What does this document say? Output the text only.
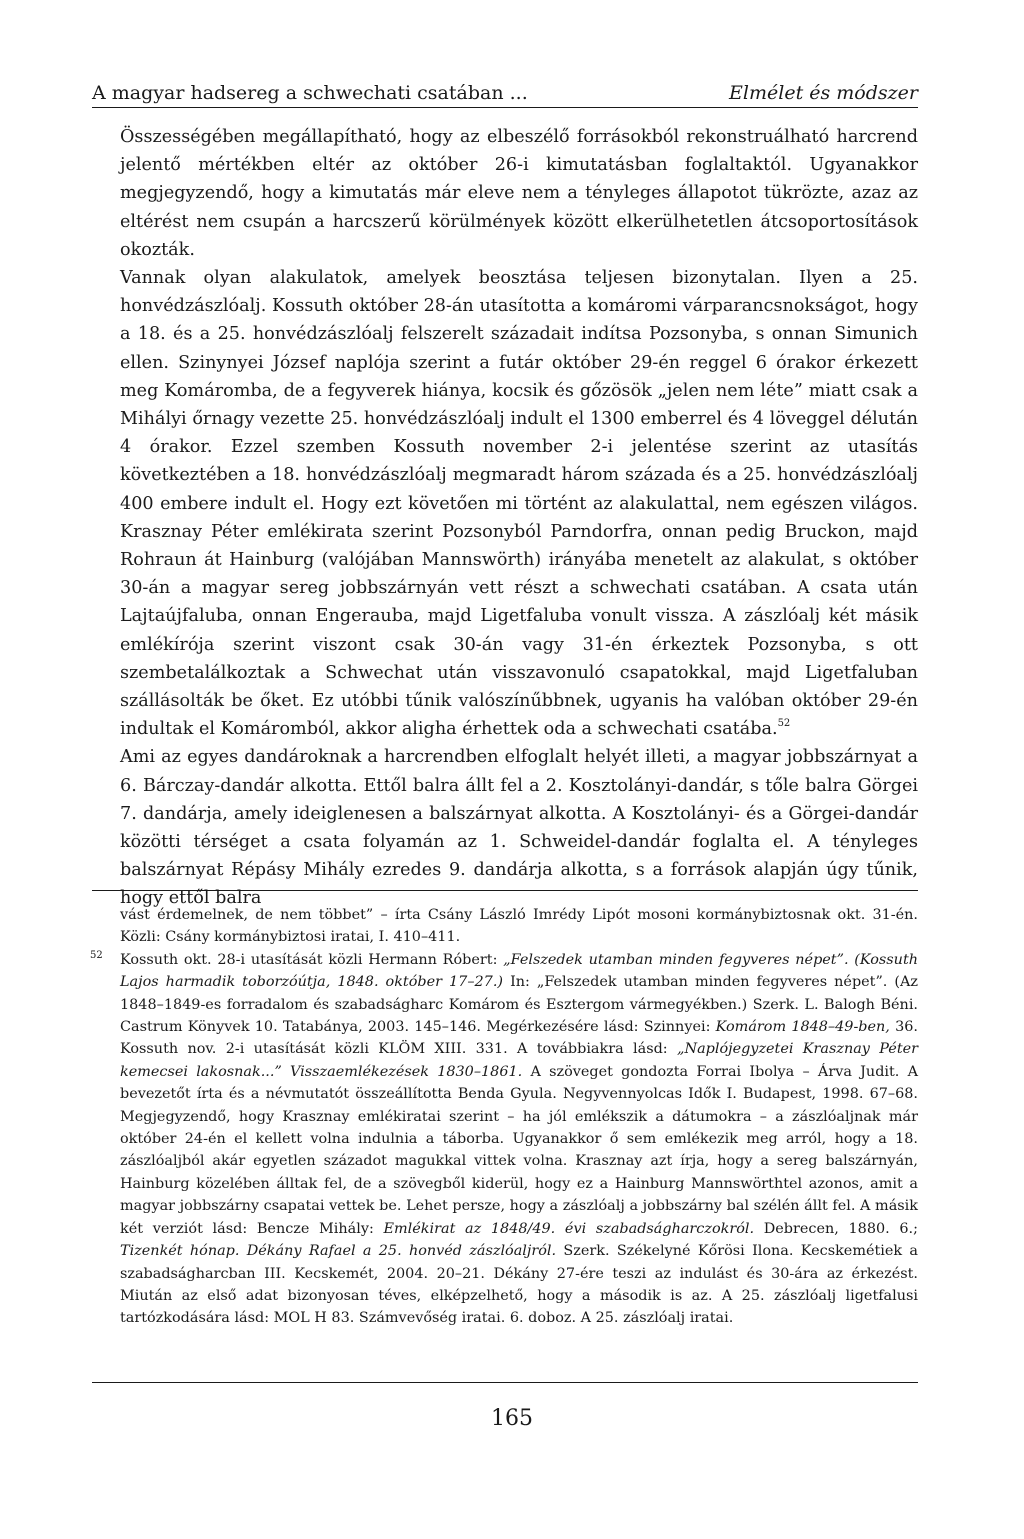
A magyar hadsereg a schwechati csatában ...	Elmélet és módszer

Összességében megállapítható, hogy az elbeszélő forrásokból rekonstruálható harcrend jelentő mértékben eltér az október 26-i kimutatásban foglaltaktól. Ugyanakkor megjegyzendő, hogy a kimutatás már eleve nem a tényleges állapotot tükrözte, azaz az eltérést nem csupán a harcszerű körülmények között elkerülhetetlen átcsoportosítások okozták.

Vannak olyan alakulatok, amelyek beosztása teljesen bizonytalan. Ilyen a 25. honvédzászlóalj. Kossuth október 28-án utasította a komáromi várparancsnokságot, hogy a 18. és a 25. honvédzászlóalj felszerelt századait indítsa Pozsonyba, s onnan Simunich ellen. Szinynyei József naplója szerint a futár október 29-én reggel 6 órakor érkezett meg Komáromba, de a fegyverek hiánya, kocsik és gőzösök „jelen nem léte” miatt csak a Mihályi őrnagy vezette 25. honvédzászlóalj indult el 1300 emberrel és 4 löveggel délután 4 órakor. Ezzel szemben Kossuth november 2-i jelentése szerint az utasítás következtében a 18. honvédzászlóalj megmaradt három százada és a 25. honvédzászlóalj 400 embere indult el. Hogy ezt követően mi történt az alakulattal, nem egészen világos. Krasznay Péter emlékirata szerint Pozsonyból Parndorfra, onnan pedig Bruckon, majd Rohraun át Hainburg (valójában Mannswörth) irányába menetelt az alakulat, s október 30-án a magyar sereg jobbszárnyán vett részt a schwechati csatában. A csata után Lajtaújfaluba, onnan Engerauba, majd Ligetfaluba vonult vissza. A zászlóalj két másik emlékírója szerint viszont csak 30-án vagy 31-én érkeztek Pozsonyba, s ott szembetalálkoztak a Schwechat után visszavonuló csapatokkal, majd Ligetfaluban szállásolták be őket. Ez utóbbi tűnik valószínűbbnek, ugyanis ha valóban október 29-én indultak el Komáromból, akkor aligha érhettek oda a schwechati csatába.$^{52}$

Ami az egyes dandároknak a harcrendben elfoglalt helyét illeti, a magyar jobbszárnyat a 6. Bárczay-dandár alkotta. Ettől balra állt fel a 2. Kosztolányi-dandár, s tőle balra Görgei 7. dandárja, amely ideiglenesen a balszárnyat alkotta. A Kosztolányi- és a Görgei-dandár közötti térséget a csata folyamán az 1. Schweidel-dandár foglalta el. A tényleges balszárnyat Répásy Mihály ezredes 9. dandárja alkotta, s a források alapján úgy tűnik, hogy ettől balra

vást érdemelnek, de nem többet” – írta Csány László Imrédy Lipót mosoni kormánybiztosnak okt. 31-én. Közli: Csány kormánybiztosi iratai, I. 410–411.

52 Kossuth okt. 28-i utasítását közli Hermann Róbert: „Felszedek utamban minden fegyveres népet”. (Kossuth Lajos harmadik toborzóútja, 1848. október 17–27.) In: „Felszedek utamban minden fegyveres népet”. (Az 1848–1849-es forradalom és szabadságharc Komárom és Esztergom vármegyékben.) Szerk. L. Balogh Béni. Castrum Könyvek 10. Tatabánya, 2003. 145–146. Megérkezésére lásd: Szinnyei: Komárom 1848–49-ben, 36. Kossuth nov. 2-i utasítását közli KLÖM XIII. 331. A továbbiakra lásd: „Naplójegyzetei Krasznay Péter kemecsei lakosnak...” Visszaemlékezések 1830–1861. A szöveget gondozta Forrai Ibolya – Árva Judit. A bevezetőt írta és a névmutatót összeállította Benda Gyula. Negyvennyolcas Idők I. Budapest, 1998. 67–68. Megjegyzendő, hogy Krasznay emlékiratai szerint – ha jól emlékszik a dátumokra – a zászlóaljnak már október 24-én el kellett volna indulnia a táborba. Ugyanakkor ő sem emlékezik meg arról, hogy a 18. zászlóaljból akár egyetlen századot magukkal vittek volna. Krasznay azt írja, hogy a sereg balszárnyán, Hainburg közelében álltak fel, de a szövegből kiderül, hogy ez a Hainburg Mannswörthtel azonos, amit a magyar jobbszárny csapatai vettek be. Lehet persze, hogy a zászlóalj a jobbszárny bal szélén állt fel. A másik két verziót lásd: Bencze Mihály: Emlékirat az 1848/49. évi szabadságharczokról. Debrecen, 1880. 6.; Tizenkét hónap. Dékány Rafael a 25. honvéd zászlóaljról. Szerk. Székelyné Kőrösi Ilona. Kecskemétiek a szabadságharcban III. Kecskemét, 2004. 20–21. Dékány 27-ére teszi az indulást és 30-ára az érkezést. Miután az első adat bizonyosan téves, elképzelhető, hogy a második is az. A 25. zászlóalj ligetfalusi tartózkodására lásd: MOL H 83. Számvevőség iratai. 6. doboz. A 25. zászlóalj iratai.

165
